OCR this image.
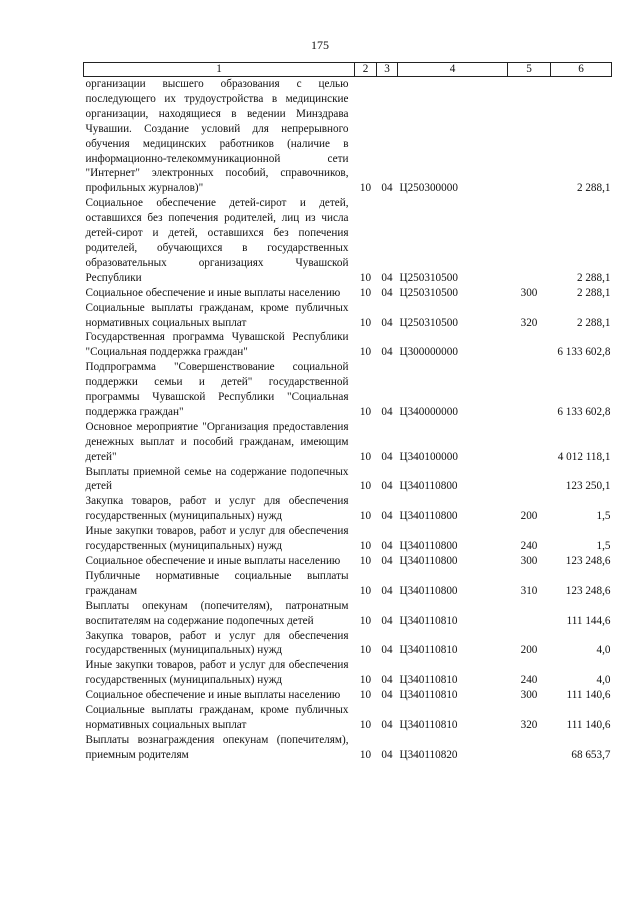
175
1	2	3	4	5	6
организации высшего образования с целью последующего их трудоустройства в медицинские организации, находящиеся в ведении Минздрава Чувашии. Создание условий для непрерывного обучения медицинских работников (наличие в информационно-телекоммуникационной сети "Интернет" электронных пособий, справочников, профильных журналов)"	10	04	Ц250300000		2 288,1
Социальное обеспечение детей-сирот и детей, оставшихся без попечения родителей, лиц из числа детей-сирот и детей, оставшихся без попечения родителей, обучающихся в государственных образовательных организациях Чувашской Республики	10	04	Ц250310500		2 288,1
Социальное обеспечение и иные выплаты населению	10	04	Ц250310500	300	2 288,1
Социальные выплаты гражданам, кроме публичных нормативных социальных выплат	10	04	Ц250310500	320	2 288,1
Государственная программа Чувашской Республики "Социальная поддержка граждан"	10	04	Ц300000000		6 133 602,8
Подпрограмма "Совершенствование социальной поддержки семьи и детей" государственной программы Чувашской Республики "Социальная поддержка граждан"	10	04	Ц340000000		6 133 602,8
Основное мероприятие "Организация предоставления денежных выплат и пособий гражданам, имеющим детей"	10	04	Ц340100000		4 012 118,1
Выплаты приемной семье на содержание подопечных детей	10	04	Ц340110800		123 250,1
Закупка товаров, работ и услуг для обеспечения государственных (муниципальных) нужд	10	04	Ц340110800	200	1,5
Иные закупки товаров, работ и услуг для обеспечения государственных (муниципальных) нужд	10	04	Ц340110800	240	1,5
Социальное обеспечение и иные выплаты населению	10	04	Ц340110800	300	123 248,6
Публичные нормативные социальные выплаты гражданам	10	04	Ц340110800	310	123 248,6
Выплаты опекунам (попечителям), патронатным воспитателям на содержание подопечных детей	10	04	Ц340110810		111 144,6
Закупка товаров, работ и услуг для обеспечения государственных (муниципальных) нужд	10	04	Ц340110810	200	4,0
Иные закупки товаров, работ и услуг для обеспечения государственных (муниципальных) нужд	10	04	Ц340110810	240	4,0
Социальное обеспечение и иные выплаты населению	10	04	Ц340110810	300	111 140,6
Социальные выплаты гражданам, кроме публичных нормативных социальных выплат	10	04	Ц340110810	320	111 140,6
Выплаты вознаграждения опекунам (попечителям), приемным родителям	10	04	Ц340110820		68 653,7
